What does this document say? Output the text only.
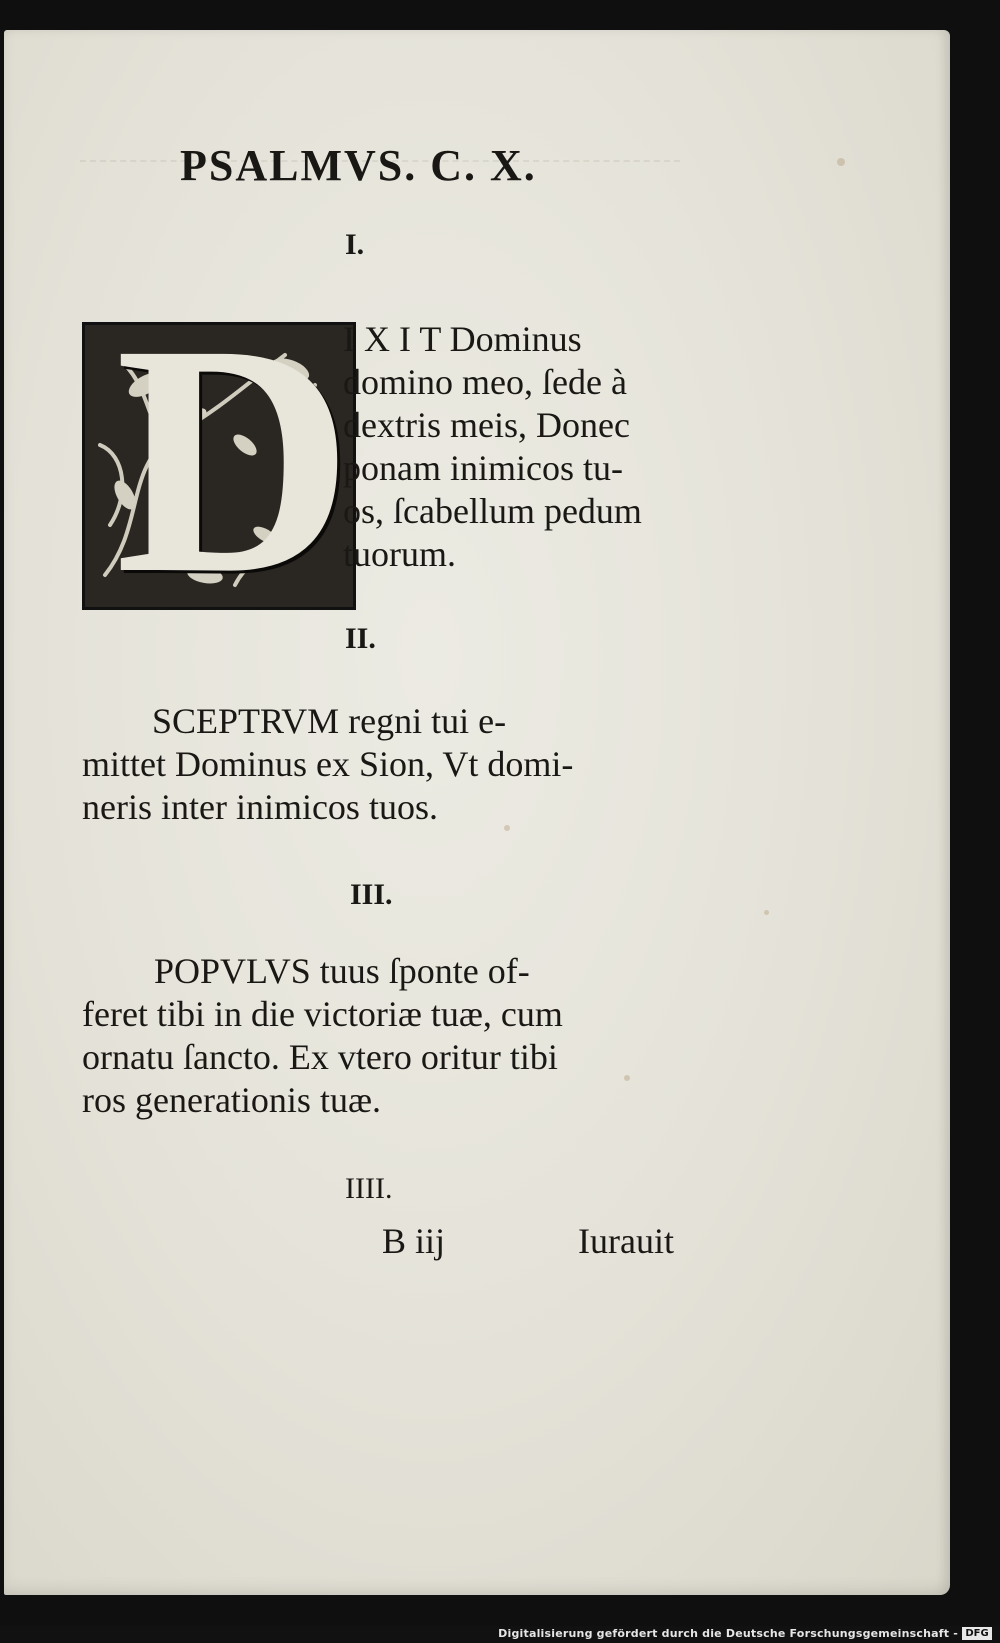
PSALMVS. C. X.
I.
D
I X I T Dominus
domino meo, ſede à
dextris meis, Donec
ponam inimicos tu-
os, ſcabellum pedum
tuorum.
II.
SCEPTRVM regni tui e-
mittet Dominus ex Sion, Vt domi-
neris inter inimicos tuos.
III.
POPVLVS tuus ſponte of-
feret tibi in die victoriæ tuæ, cum
ornatu ſancto. Ex vtero oritur tibi
ros generationis tuæ.
IIII.
B iij	Iurauit
Digitalisierung gefördert durch die Deutsche Forschungsgemeinschaft - DFG
